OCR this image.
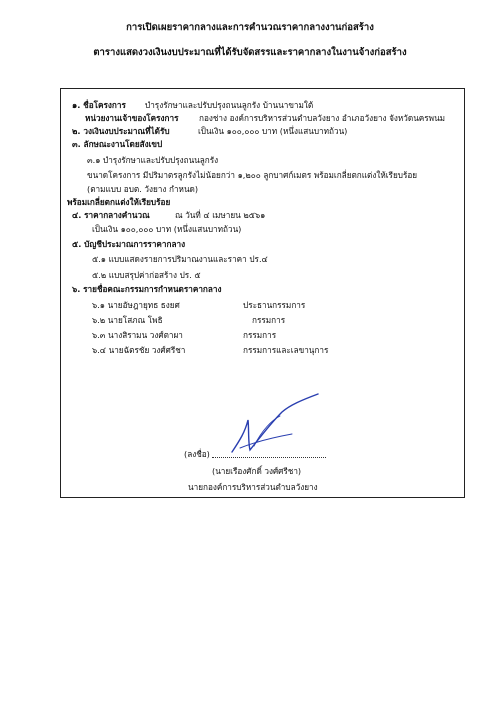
การเปิดเผยราคากลางและการคำนวณราคากลางงานก่อสร้าง
ตารางแสดงวงเงินงบประมาณที่ได้รับจัดสรรและราคากลางในงานจ้างก่อสร้าง
๑. ชื่อโครงการ บำรุงรักษาและปรับปรุงถนนลูกรัง บ้านนาขามใต้
หน่วยงานเจ้าของโครงการ กองช่าง องค์การบริหารส่วนตำบลวังยาง อำเภอวังยาง จังหวัดนครพนม
๒. วงเงินงบประมาณที่ได้รับ	เป็นเงิน ๑๐๐,๐๐๐ บาท (หนึ่งแสนบาทถ้วน)
๓. ลักษณะงานโดยสังเขป
๓.๑ บำรุงรักษาและปรับปรุงถนนลูกรัง
ขนาดโครงการ มีปริมาตรลูกรังไม่น้อยกว่า ๑,๒๐๐ ลูกบาศก์เมตร พร้อมเกลี่ยตกแต่งให้เรียบร้อย
(ตามแบบ อบต. วังยาง กำหนด)
พร้อมเกลี่ยตกแต่งให้เรียบร้อย
๔. ราคากลางคำนวณ	ณ วันที่ ๔ เมษายน ๒๕๖๑
เป็นเงิน ๑๐๐,๐๐๐ บาท (หนึ่งแสนบาทถ้วน)
๕. บัญชีประมาณการราคากลาง
๕.๑ แบบแสดงรายการปริมาณงานและราคา ปร.๔
๕.๒ แบบสรุปค่าก่อสร้าง ปร. ๕
๖. รายชื่อคณะกรรมการกำหนดราคากลาง
๖.๑ นายอัษฎายุทธ ธงยศ	ประธานกรรมการ
๖.๒ นายโสภณ โพธิ	กรรมการ
๖.๓ นางสิรามน วงศ์ตาผา	กรรมการ
๖.๔ นายฉัตรชัย วงศ์ศรีชา	กรรมการและเลขานุการ
(ลงชื่อ)
(นายเรืองศักดิ์ วงศ์ศรีชา)
นายกองค์การบริหารส่วนตำบลวังยาง
